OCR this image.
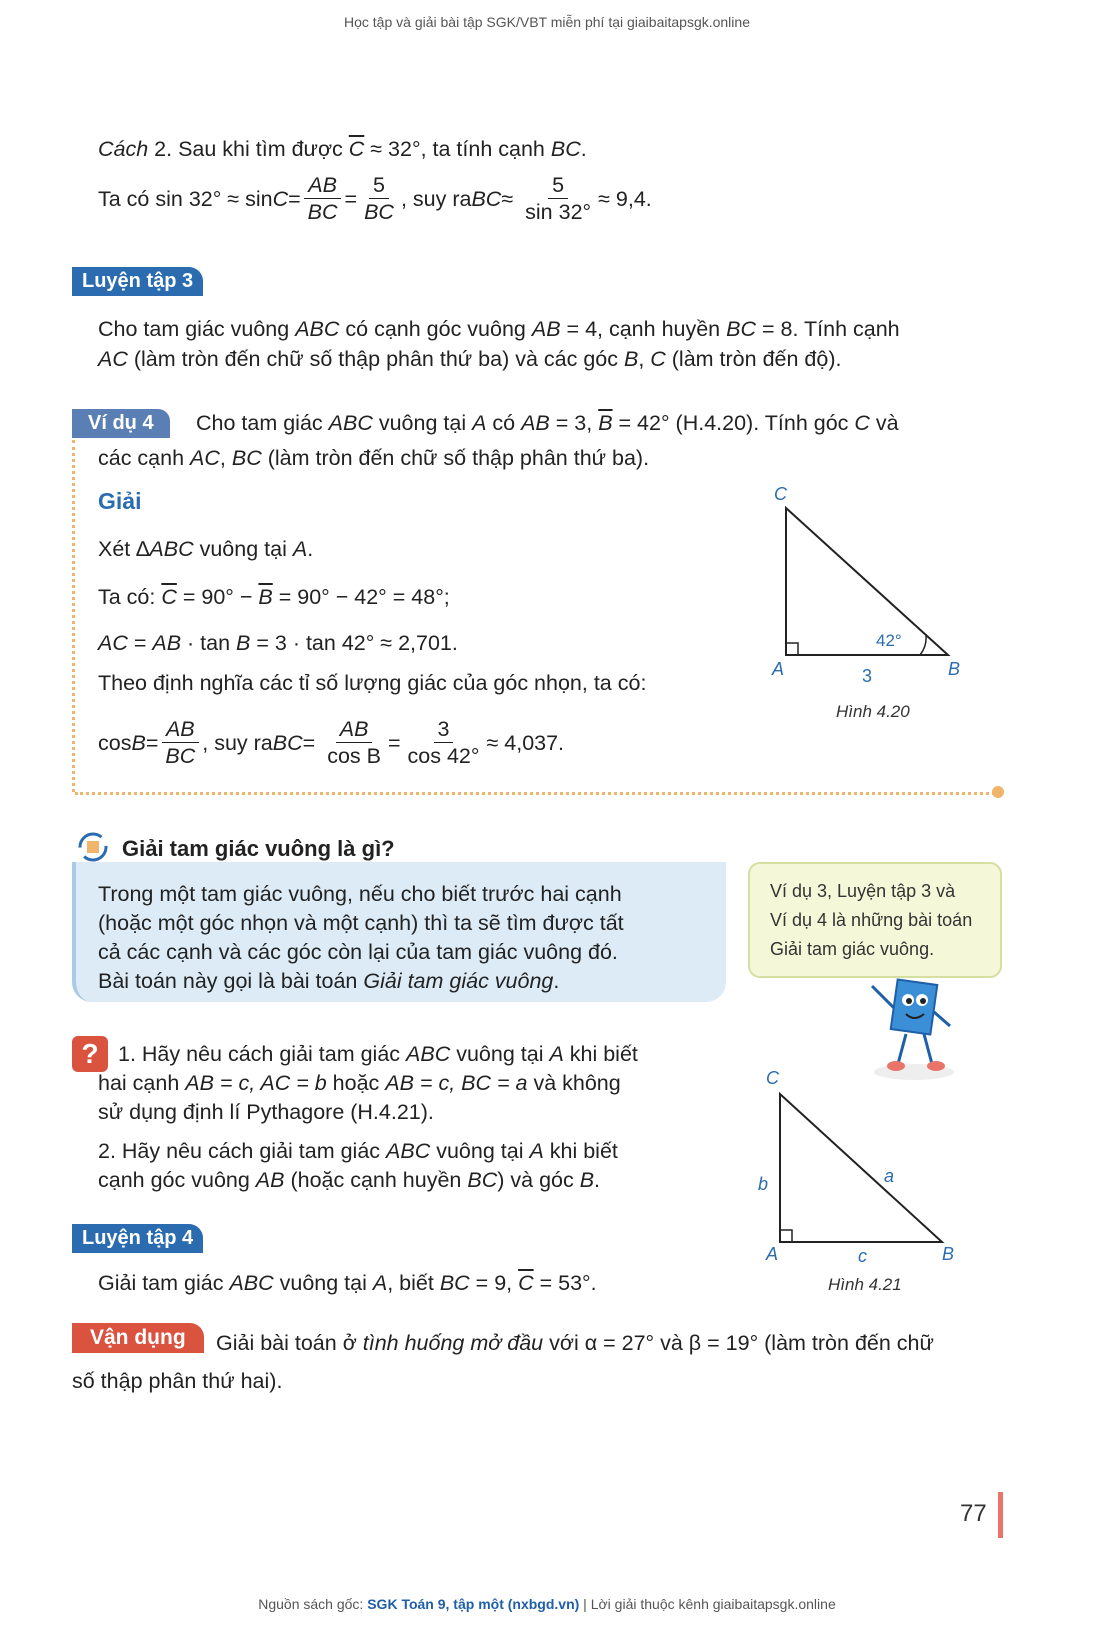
Học tập và giải bài tập SGK/VBT miễn phí tại giaibaitapsgk.online
Cách 2. Sau khi tìm được $\overline{C} \approx 32^\circ$, ta tính cạnh BC.
Ta có $\sin 32^\circ \approx \sin C = \frac{AB}{BC} = \frac{5}{BC}$ , suy ra BC ≈ $\frac{5}{\sin 32^\circ} \approx 9,4$.
Luyện tập 3
Cho tam giác vuông ABC có cạnh góc vuông AB = 4, cạnh huyền BC = 8. Tính cạnh
AC (làm tròn đến chữ số thập phân thứ ba) và các góc B, C (làm tròn đến độ).
Ví dụ 4	Cho tam giác ABC vuông tại A có AB = 3, $\overline{B} = 42^\circ$ (H.4.20). Tính góc C và
các cạnh AC, BC (làm tròn đến chữ số thập phân thứ ba).
Giải
Xét ∆ABC vuông tại A.
Ta có: $\overline{C} = 90^\circ - \overline{B} = 90^\circ - 42^\circ = 48^\circ$;
AC = AB · tan B = 3 · tan 42° ≈ 2,701.
Theo định nghĩa các tỉ số lượng giác của góc nhọn, ta có:
$\cos B = \frac{AB}{BC}$ , suy ra BC = $\frac{AB}{\text{cos B}} = \frac{3}{\cos 42^\circ} \approx 4,037$.
C
A	B
3
42°
Hình 4.20
Giải tam giác vuông là gì?
Trong một tam giác vuông, nếu cho biết trước hai cạnh
(hoặc một góc nhọn và một cạnh) thì ta sẽ tìm được tất
cả các cạnh và các góc còn lại của tam giác vuông đó.
Bài toán này gọi là bài toán Giải tam giác vuông.
Ví dụ 3, Luyện tập 3 và
Ví dụ 4 là những bài toán
Giải tam giác vuông.
? 1. Hãy nêu cách giải tam giác ABC vuông tại A khi biết
hai cạnh AB = c, AC = b hoặc AB = c, BC = a và không
sử dụng định lí Pythagore (H.4.21).
2. Hãy nêu cách giải tam giác ABC vuông tại A khi biết
cạnh góc vuông AB (hoặc cạnh huyền BC) và góc B.
C
A	B
a
b
c
Hình 4.21
Luyện tập 4
Giải tam giác ABC vuông tại A, biết BC = 9, $\overline{C} = 53^\circ$.
Vận dụng	Giải bài toán ở tình huống mở đầu với α = 27° và β = 19° (làm tròn đến chữ
số thập phân thứ hai).
77
Nguồn sách gốc: SGK Toán 9, tập một (nxbgd.vn) | Lời giải thuộc kênh giaibaitapsgk.online
